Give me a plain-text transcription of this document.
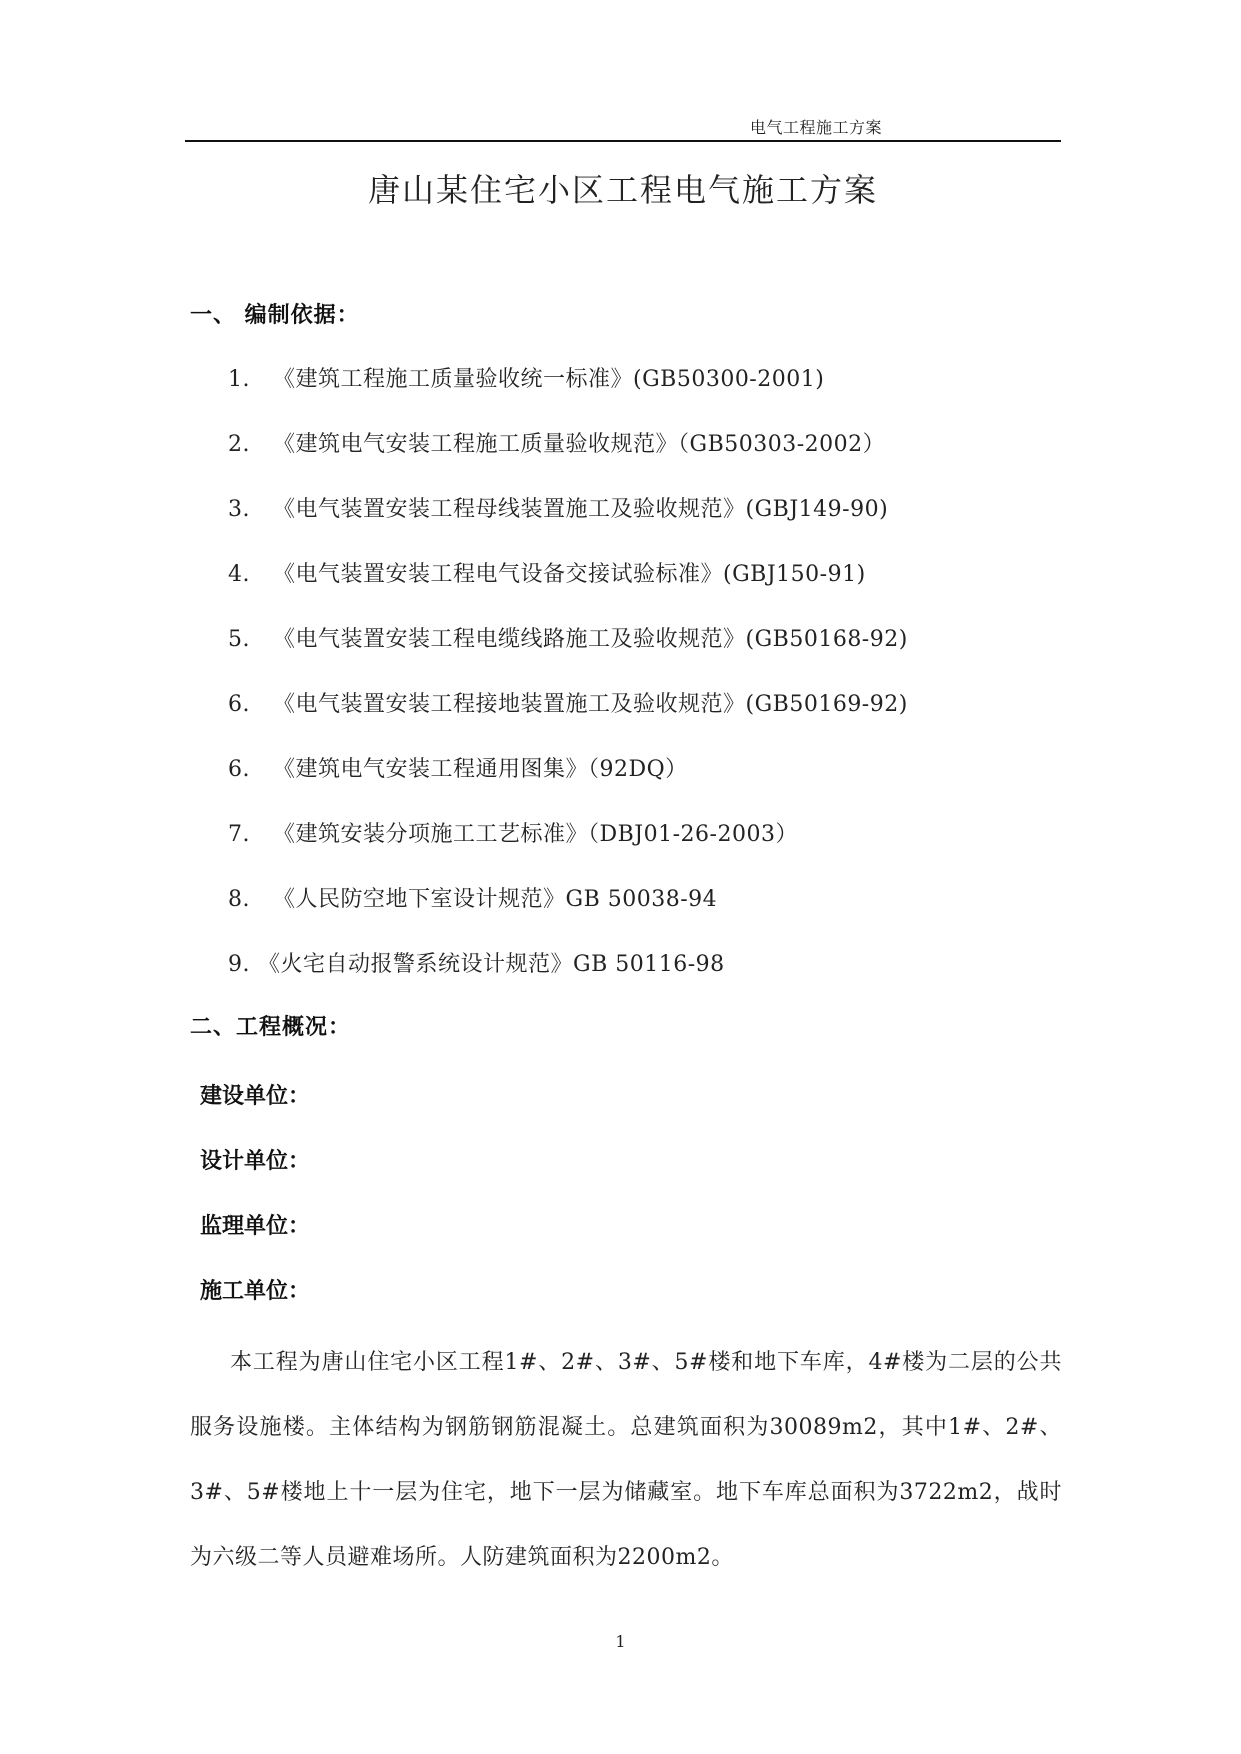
电气工程施工方案
唐山某住宅小区工程电气施工方案
一、 编制依据：
1. 《建筑工程施工质量验收统一标准》(GB50300-2001)
2. 《建筑电气安装工程施工质量验收规范》（GB50303-2002）
3. 《电气装置安装工程母线装置施工及验收规范》(GBJ149-90)
4. 《电气装置安装工程电气设备交接试验标准》(GBJ150-91)
5. 《电气装置安装工程电缆线路施工及验收规范》(GB50168-92)
6. 《电气装置安装工程接地装置施工及验收规范》(GB50169-92)
6. 《建筑电气安装工程通用图集》（92DQ）
7. 《建筑安装分项施工工艺标准》（DBJ01-26-2003）
8. 《人民防空地下室设计规范》GB 50038-94
9. 《火宅自动报警系统设计规范》GB 50116-98
二、工程概况：
建设单位：
设计单位：
监理单位：
施工单位：

本工程为唐山住宅小区工程1#、2#、3#、5#楼和地下车库，4#楼为二层的公共服务设施楼。主体结构为钢筋钢筋混凝土。总建筑面积为30089m2，其中1#、2#、3#、5#楼地上十一层为住宅，地下一层为储藏室。地下车库总面积为3722m2，战时为六级二等人员避难场所。人防建筑面积为2200m2。

1
